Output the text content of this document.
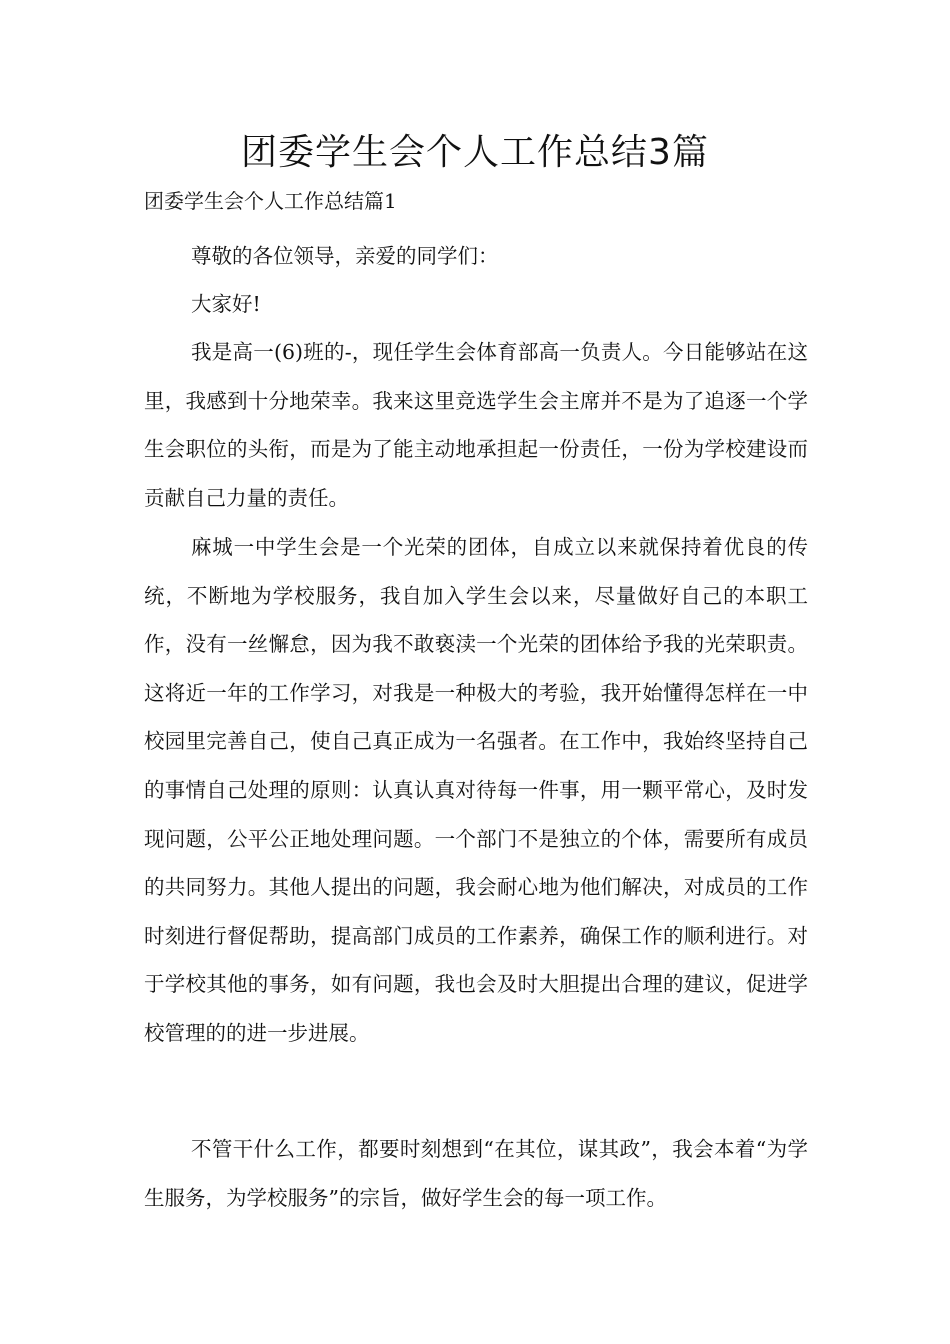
团委学生会个人工作总结3篇

团委学生会个人工作总结篇1

尊敬的各位领导，亲爱的同学们：

大家好!

我是高一(6)班的-，现任学生会体育部高一负责人。今日能够站在这里，我感到十分地荣幸。我来这里竞选学生会主席并不是为了追逐一个学生会职位的头衔，而是为了能主动地承担起一份责任，一份为学校建设而贡献自己力量的责任。

麻城一中学生会是一个光荣的团体，自成立以来就保持着优良的传统，不断地为学校服务，我自加入学生会以来，尽量做好自己的本职工作，没有一丝懈怠，因为我不敢亵渎一个光荣的团体给予我的光荣职责。这将近一年的工作学习，对我是一种极大的考验，我开始懂得怎样在一中校园里完善自己，使自己真正成为一名强者。在工作中，我始终坚持自己的事情自己处理的原则：认真认真对待每一件事，用一颗平常心，及时发现问题，公平公正地处理问题。一个部门不是独立的个体，需要所有成员的共同努力。其他人提出的问题，我会耐心地为他们解决，对成员的工作时刻进行督促帮助，提高部门成员的工作素养，确保工作的顺利进行。对于学校其他的事务，如有问题，我也会及时大胆提出合理的建议，促进学校管理的的进一步进展。

不管干什么工作，都要时刻想到“在其位，谋其政”，我会本着“为学生服务，为学校服务”的宗旨，做好学生会的每一项工作。
